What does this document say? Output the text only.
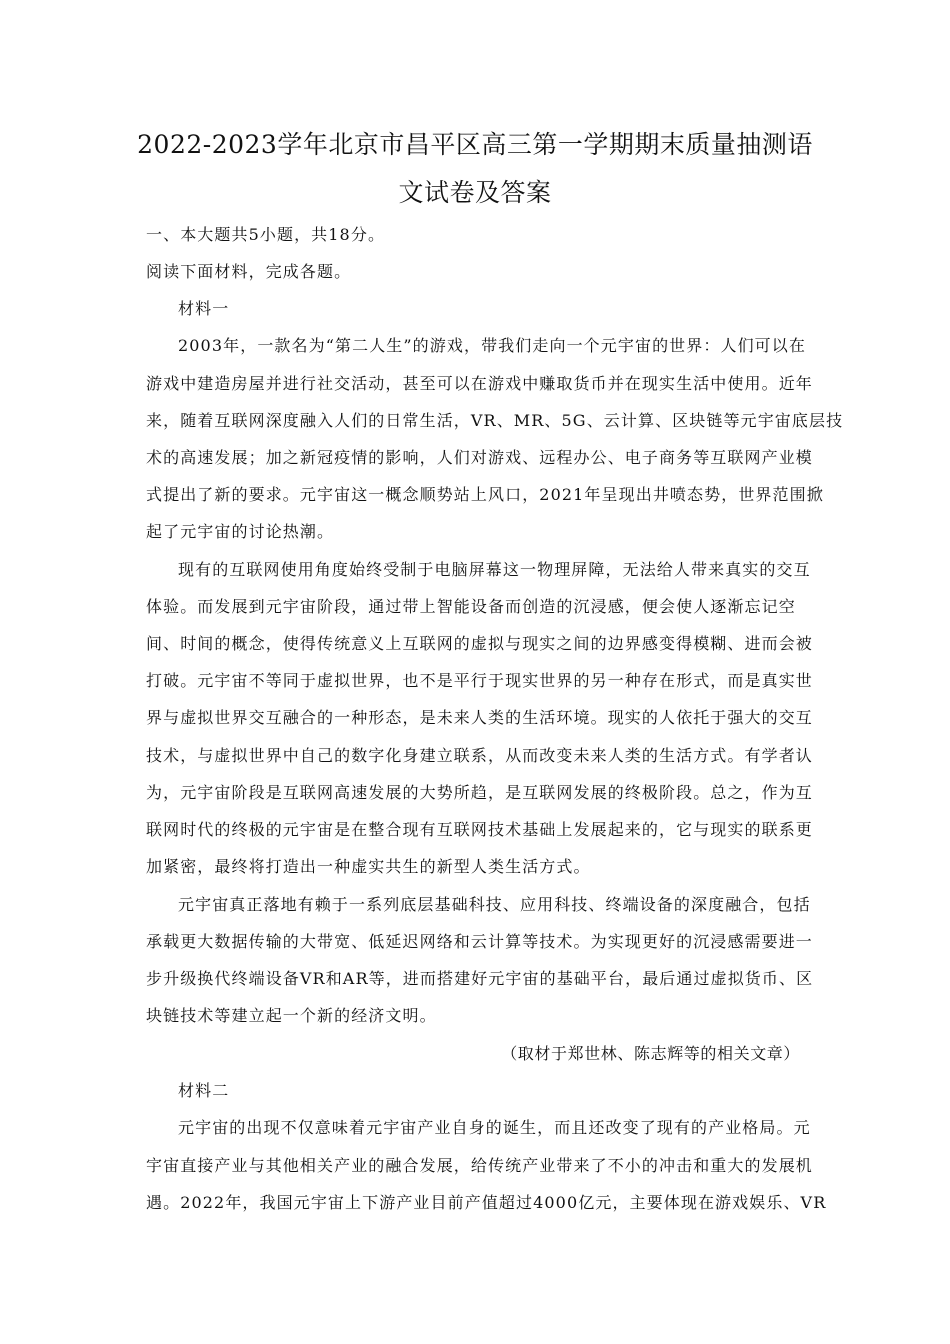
2022-2023学年北京市昌平区高三第一学期期末质量抽测语
文试卷及答案
一、本大题共5小题，共18分。
阅读下面材料，完成各题。
材料一
2003年，一款名为“第二人生”的游戏，带我们走向一个元宇宙的世界：人们可以在
游戏中建造房屋并进行社交活动，甚至可以在游戏中赚取货币并在现实生活中使用。近年
来，随着互联网深度融入人们的日常生活，VR、MR、5G、云计算、区块链等元宇宙底层技
术的高速发展；加之新冠疫情的影响，人们对游戏、远程办公、电子商务等互联网产业模
式提出了新的要求。元宇宙这一概念顺势站上风口，2021年呈现出井喷态势，世界范围掀
起了元宇宙的讨论热潮。
现有的互联网使用角度始终受制于电脑屏幕这一物理屏障，无法给人带来真实的交互
体验。而发展到元宇宙阶段，通过带上智能设备而创造的沉浸感，便会使人逐渐忘记空
间、时间的概念，使得传统意义上互联网的虚拟与现实之间的边界感变得模糊、进而会被
打破。元宇宙不等同于虚拟世界，也不是平行于现实世界的另一种存在形式，而是真实世
界与虚拟世界交互融合的一种形态，是未来人类的生活环境。现实的人依托于强大的交互
技术，与虚拟世界中自己的数字化身建立联系，从而改变未来人类的生活方式。有学者认
为，元宇宙阶段是互联网高速发展的大势所趋，是互联网发展的终极阶段。总之，作为互
联网时代的终极的元宇宙是在整合现有互联网技术基础上发展起来的，它与现实的联系更
加紧密，最终将打造出一种虚实共生的新型人类生活方式。
元宇宙真正落地有赖于一系列底层基础科技、应用科技、终端设备的深度融合，包括
承载更大数据传输的大带宽、低延迟网络和云计算等技术。为实现更好的沉浸感需要进一
步升级换代终端设备VR和AR等，进而搭建好元宇宙的基础平台，最后通过虚拟货币、区
块链技术等建立起一个新的经济文明。
（取材于郑世林、陈志辉等的相关文章）
材料二
元宇宙的出现不仅意味着元宇宙产业自身的诞生，而且还改变了现有的产业格局。元
宇宙直接产业与其他相关产业的融合发展，给传统产业带来了不小的冲击和重大的发展机
遇。2022年，我国元宇宙上下游产业目前产值超过4000亿元，主要体现在游戏娱乐、VR
